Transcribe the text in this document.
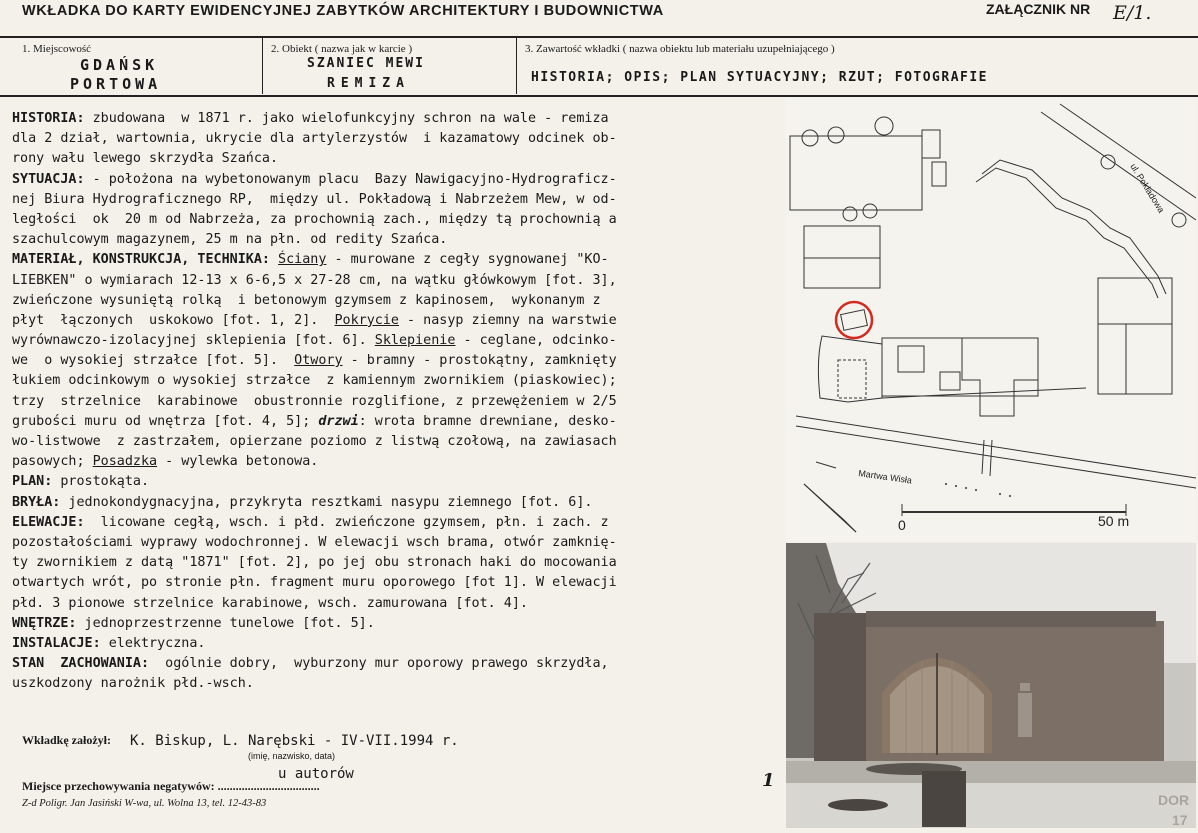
WKŁADKA DO KARTY EWIDENCYJNEJ ZABYTKÓW ARCHITEKTURY I BUDOWNICTWA	ZAŁĄCZNIK NR E/1.
1. Miejscowość
GDAŃSK
PORTOWA
2. Obiekt ( nazwa jak w karcie )
SZANIEC MEWI
REMIZA
3. Zawartość wkładki ( nazwa obiektu lub materiału uzupełniającego )
HISTORIA; OPIS; PLAN SYTUACYJNY; RZUT; FOTOGRAFIE
HISTORIA: zbudowana  w 1871 r. jako wielofunkcyjny schron na wale - remiza
dla 2 dział, wartownia, ukrycie dla artylerzystów  i kazamatowy odcinek ob-
rony wału lewego skrzydła Szańca.
SYTUACJA: - położona na wybetonowanym placu  Bazy Nawigacyjno-Hydrograficz-
nej Biura Hydrograficznego RP,  między ul. Pokładową i Nabrzeżem Mew, w od-
ległości  ok  20 m od Nabrzeża, za prochownią zach., między tą prochownią a
szachulcowym magazynem, 25 m na płn. od redity Szańca.
MATERIAŁ, KONSTRUKCJA, TECHNIKA: Ściany - murowane z cegły sygnowanej "KO-
LIEBKEN" o wymiarach 12-13 x 6-6,5 x 27-28 cm, na wątku główkowym [fot. 3],
zwieńczone wysuniętą rolką  i betonowym gzymsem z kapinosem,  wykonanym z
płyt  łączonych  uskokowo [fot. 1, 2].  Pokrycie - nasyp ziemny na warstwie
wyrównawczo-izolacyjnej sklepienia [fot. 6]. Sklepienie - ceglane, odcinko-
we  o wysokiej strzałce [fot. 5].  Otwory - bramny - prostokątny, zamknięty
łukiem odcinkowym o wysokiej strzałce  z kamiennym zwornikiem (piaskowiec);
trzy  strzelnice  karabinowe  obustronnie rozglifione, z przewężeniem w 2/5
grubości muru od wnętrza [fot. 4, 5]; drzwi: wrota bramne drewniane, desko-
wo-listwowe  z zastrzałem, opierzane poziomo z listwą czołową, na zawiasach
pasowych; Posadzka - wylewka betonowa.
PLAN: prostokąta.
BRYŁA: jednokondygnacyjna, przykryta resztkami nasypu ziemnego [fot. 6].
ELEWACJE:  licowane cegłą, wsch. i płd. zwieńczone gzymsem, płn. i zach. z
pozostałościami wyprawy wodochronnej. W elewacji wsch brama, otwór zamknię-
ty zwornikiem z datą "1871" [fot. 2], po jej obu stronach haki do mocowania
otwartych wrót, po stronie płn. fragment muru oporowego [fot 1]. W elewacji
płd. 3 pionowe strzelnice karabinowe, wsch. zamurowana [fot. 4].
WNĘTRZE: jednoprzestrzenne tunelowe [fot. 5].
INSTALACJE: elektryczna.
STAN  ZACHOWANIA:  ogólnie dobry,  wyburzony mur oporowy prawego skrzydła,
uszkodzony narożnik płd.-wsch.
Wkładkę założył: K. Biskup, L. Narębski - IV-VII.1994 r.
(imię, nazwisko, data)
u autorów
Miejsce przechowywania negatywów: ..................................
Z-d Poligr. Jan Jasiński W-wa, ul. Wolna 13, tel. 12-43-83
1
ul. Pokładowa
Martwa Wisła
0	50 m
DOR
17
